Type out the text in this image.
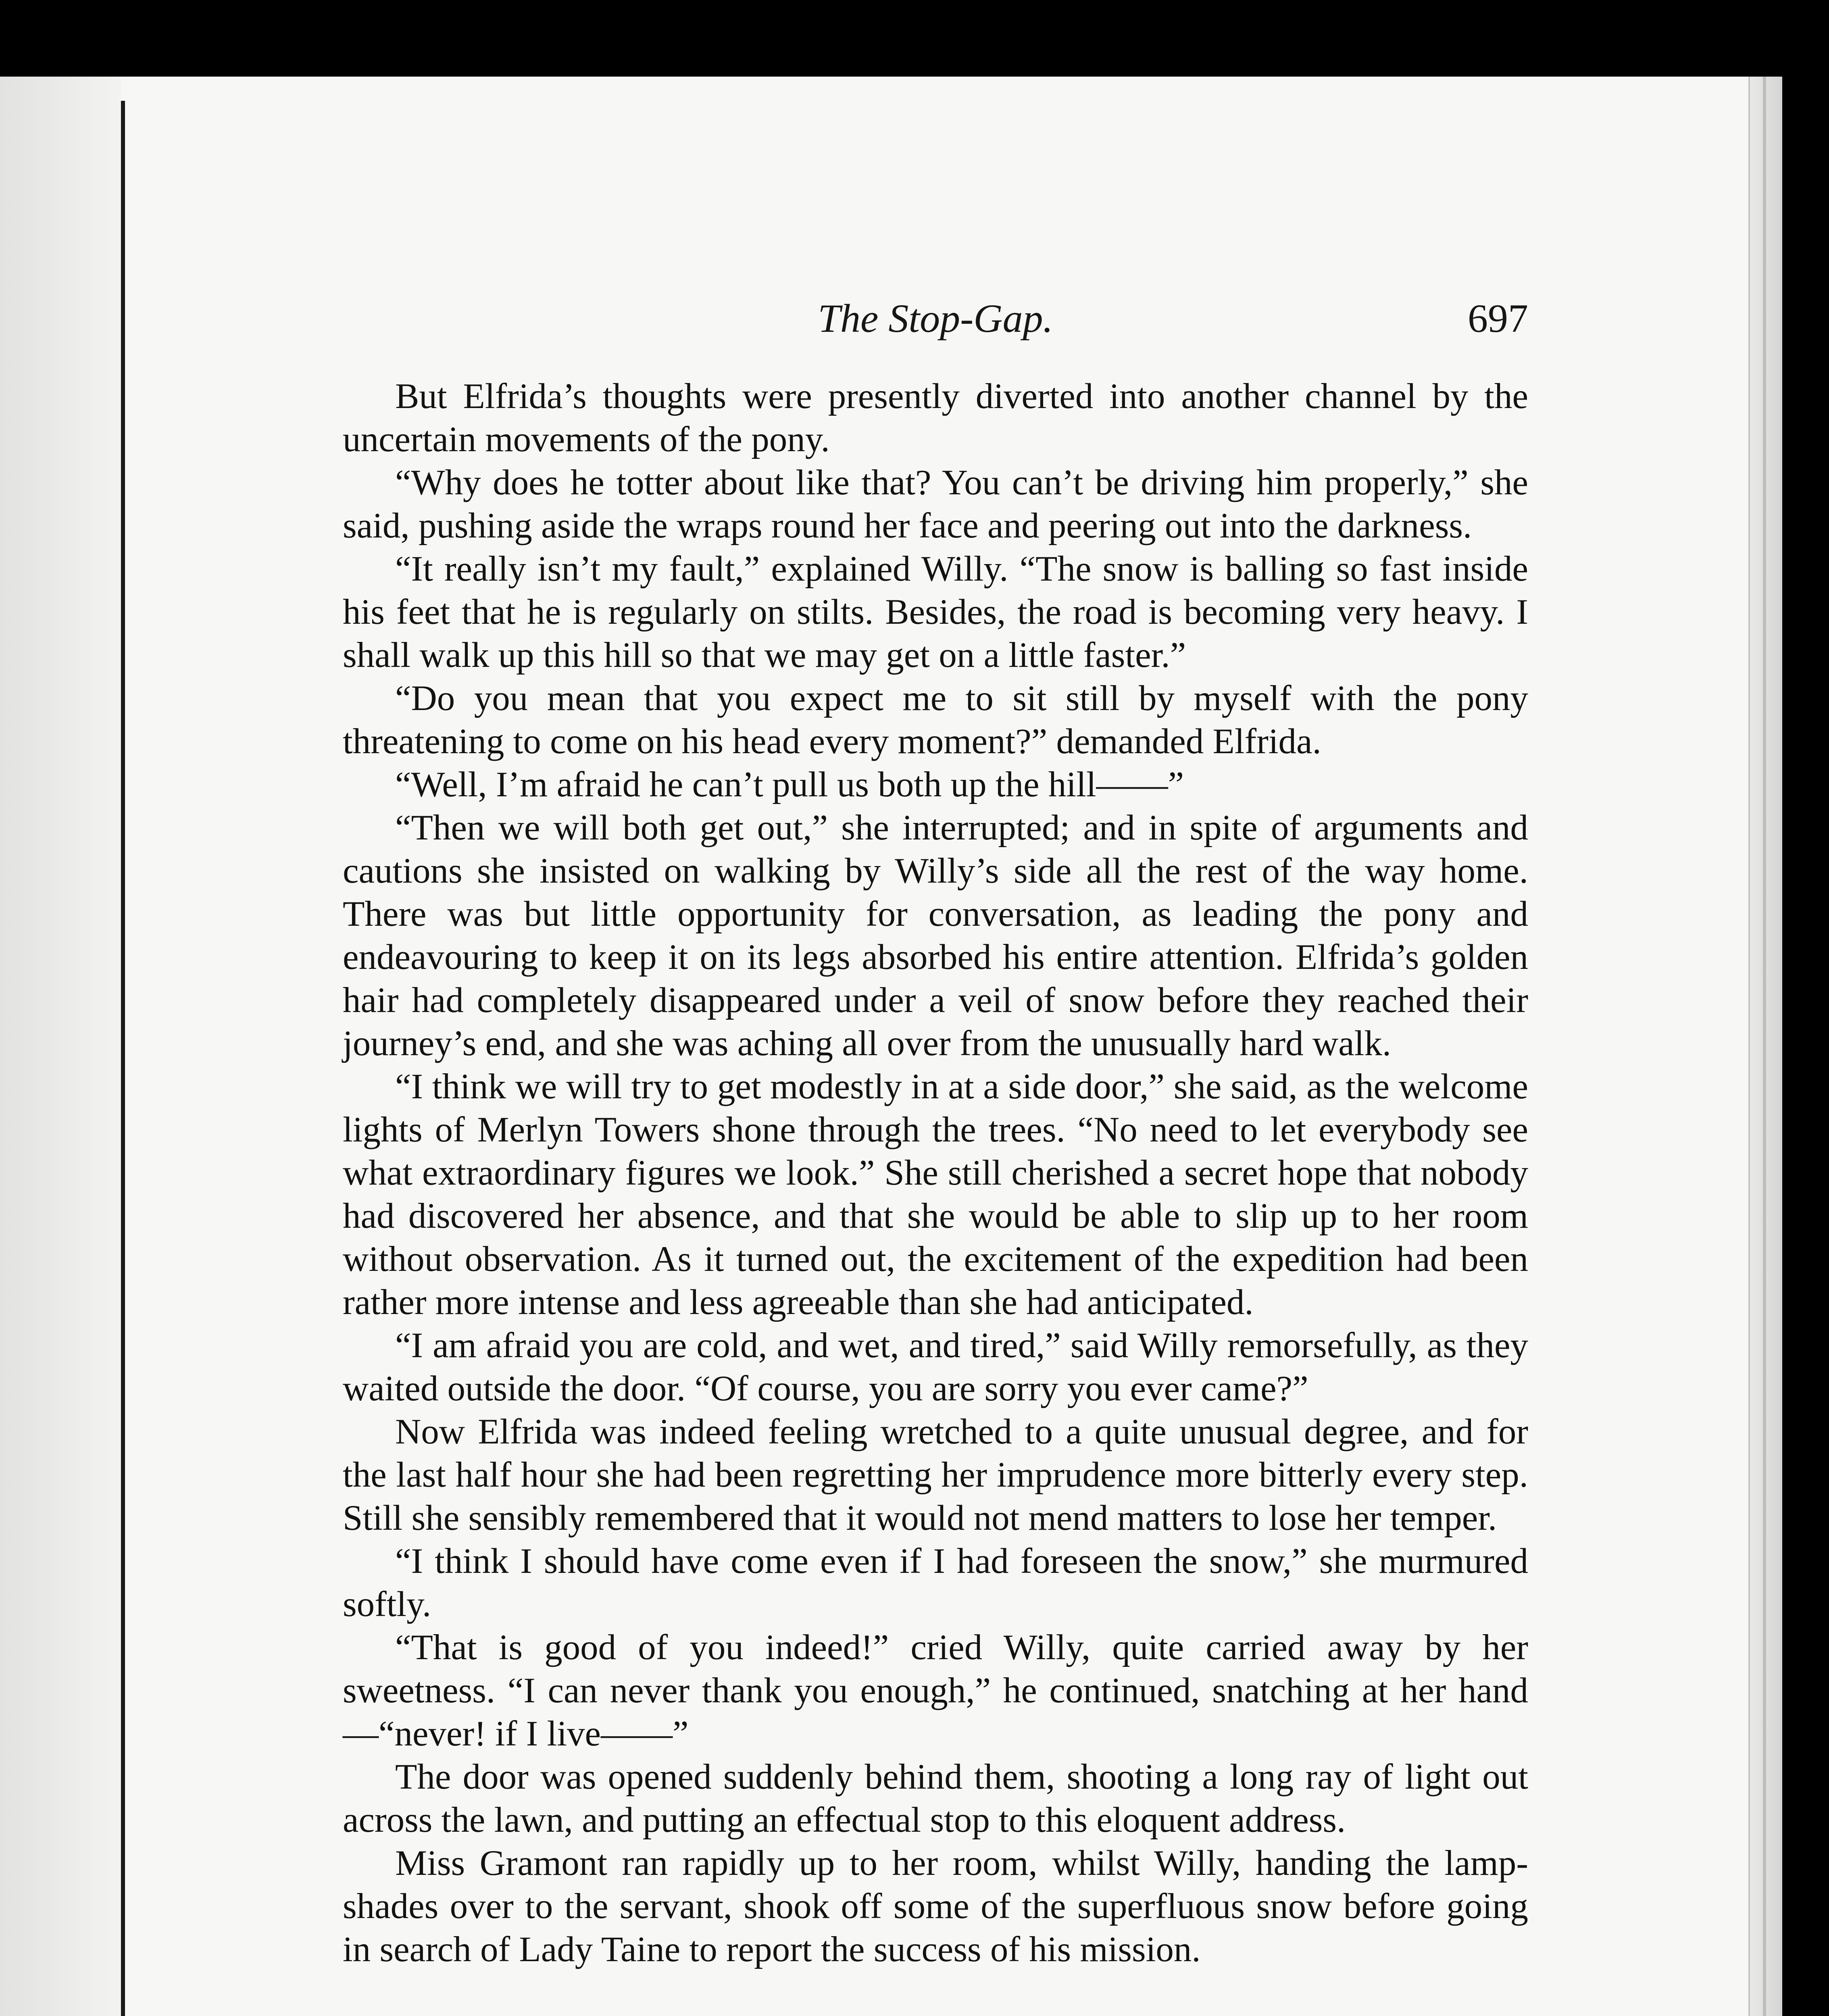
The Stop-Gap.	697

But Elfrida’s thoughts were presently diverted into another channel by the uncertain movements of the pony.

“Why does he totter about like that? You can’t be driving him properly,” she said, pushing aside the wraps round her face and peering out into the darkness.

“It really isn’t my fault,” explained Willy. “The snow is balling so fast inside his feet that he is regularly on stilts. Besides, the road is becoming very heavy. I shall walk up this hill so that we may get on a little faster.”

“Do you mean that you expect me to sit still by myself with the pony threatening to come on his head every moment?” demanded Elfrida.

“Well, I’m afraid he can’t pull us both up the hill——”

“Then we will both get out,” she interrupted; and in spite of arguments and cautions she insisted on walking by Willy’s side all the rest of the way home. There was but little opportunity for conversation, as leading the pony and endeavouring to keep it on its legs absorbed his entire attention. Elfrida’s golden hair had completely disappeared under a veil of snow before they reached their journey’s end, and she was aching all over from the unusually hard walk.

“I think we will try to get modestly in at a side door,” she said, as the welcome lights of Merlyn Towers shone through the trees. “No need to let everybody see what extraordinary figures we look.” She still cherished a secret hope that nobody had discovered her absence, and that she would be able to slip up to her room without observation. As it turned out, the excitement of the expedition had been rather more intense and less agreeable than she had anticipated.

“I am afraid you are cold, and wet, and tired,” said Willy remorsefully, as they waited outside the door. “Of course, you are sorry you ever came?”

Now Elfrida was indeed feeling wretched to a quite unusual degree, and for the last half hour she had been regretting her imprudence more bitterly every step. Still she sensibly remembered that it would not mend matters to lose her temper.

“I think I should have come even if I had foreseen the snow,” she murmured softly.

“That is good of you indeed!” cried Willy, quite carried away by her sweetness. “I can never thank you enough,” he continued, snatching at her hand—“never! if I live——”

The door was opened suddenly behind them, shooting a long ray of light out across the lawn, and putting an effectual stop to this eloquent address.

Miss Gramont ran rapidly up to her room, whilst Willy, handing the lamp-shades over to the servant, shook off some of the superfluous snow before going in search of Lady Taine to report the success of his mission.
